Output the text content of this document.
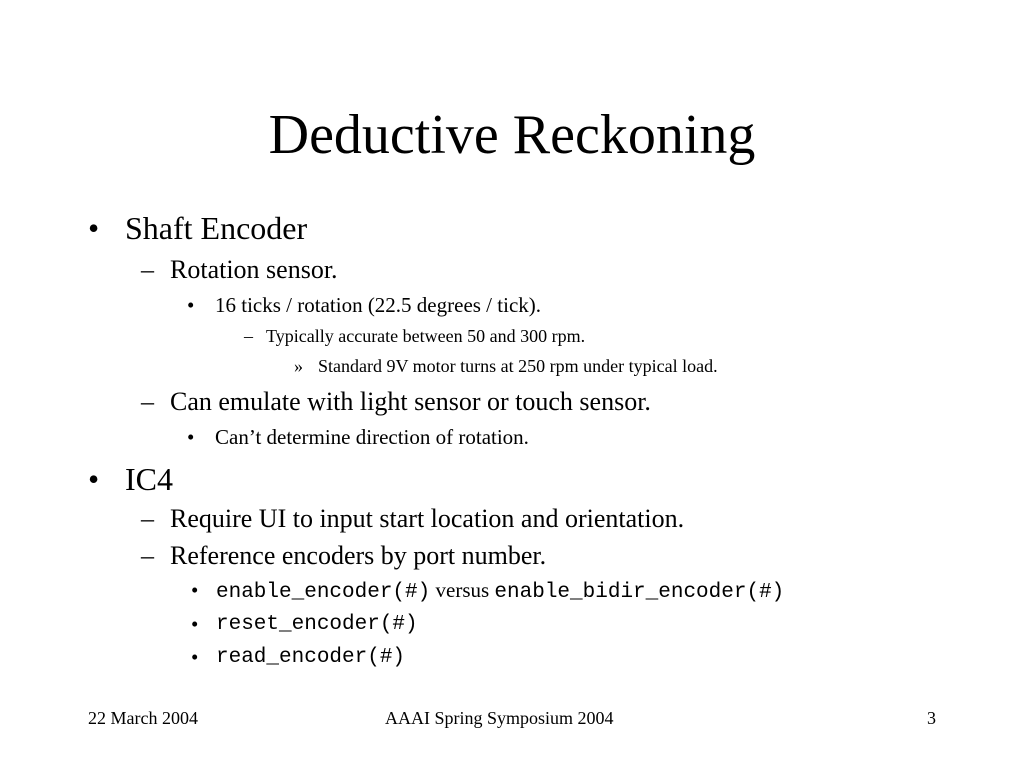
Deductive Reckoning
• Shaft Encoder
– Rotation sensor.
• 16 ticks / rotation (22.5 degrees / tick).
– Typically accurate between 50 and 300 rpm.
» Standard 9V motor turns at 250 rpm under typical load.
– Can emulate with light sensor or touch sensor.
• Can’t determine direction of rotation.
• IC4
– Require UI to input start location and orientation.
– Reference encoders by port number.
• enable_encoder(#) versus enable_bidir_encoder(#)
• reset_encoder(#)
• read_encoder(#)
22 March 2004	AAAI Spring Symposium 2004	3
